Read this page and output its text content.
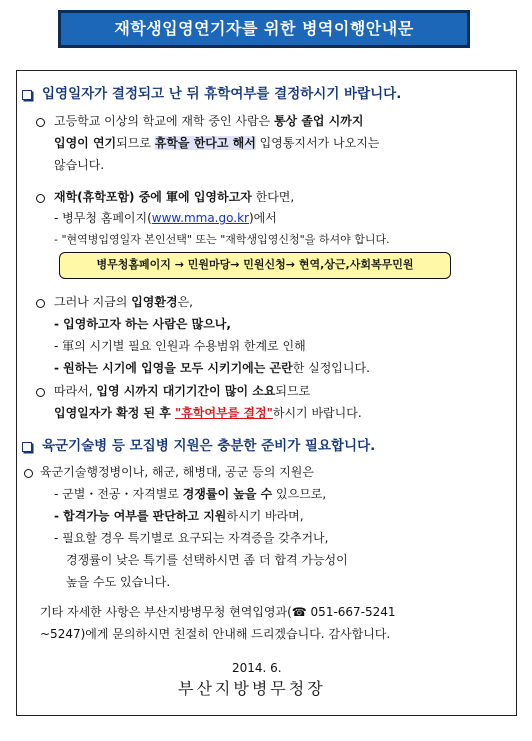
재학생입영연기자를 위한 병역이행안내문
입영일자가 결정되고 난 뒤 휴학여부를 결정하시기 바랍니다.
고등학교 이상의 학교에 재학 중인 사람은 통상 졸업 시까지
입영이 연기되므로 휴학을 한다고 해서 입영통지서가 나오지는
않습니다.
재학(휴학포함) 중에 軍에 입영하고자 한다면,
- 병무청 홈페이지(www.mma.go.kr)에서
- "현역병입영일자 본인선택" 또는 "재학생입영신청"을 하셔야 합니다.
병무청홈페이지 → 민원마당→ 민원신청→ 현역,상근,사회복무민원
그러나 지금의 입영환경은,
- 입영하고자 하는 사람은 많으나,
- 軍의 시기별 필요 인원과 수용범위 한계로 인해
- 원하는 시기에 입영을 모두 시키기에는 곤란한 실정입니다.
따라서, 입영 시까지 대기기간이 많이 소요되므로
입영일자가 확정 된 후 "휴학여부를 결정"하시기 바랍니다.
육군기술병 등 모집병 지원은 충분한 준비가 필요합니다.
육군기술행정병이나, 해군, 해병대, 공군 등의 지원은
- 군별・전공・자격별로 경쟁률이 높을 수 있으므로,
- 합격가능 여부를 판단하고 지원하시기 바라며,
- 필요할 경우 특기별로 요구되는 자격증을 갖추거나,
경쟁률이 낮은 특기를 선택하시면 좀 더 합격 가능성이
높을 수도 있습니다.
기타 자세한 사항은 부산지방병무청 현역입영과(☎ 051-667-5241
~5247)에게 문의하시면 친절히 안내해 드리겠습니다. 감사합니다.
2014. 6.
부산지방병무청장
